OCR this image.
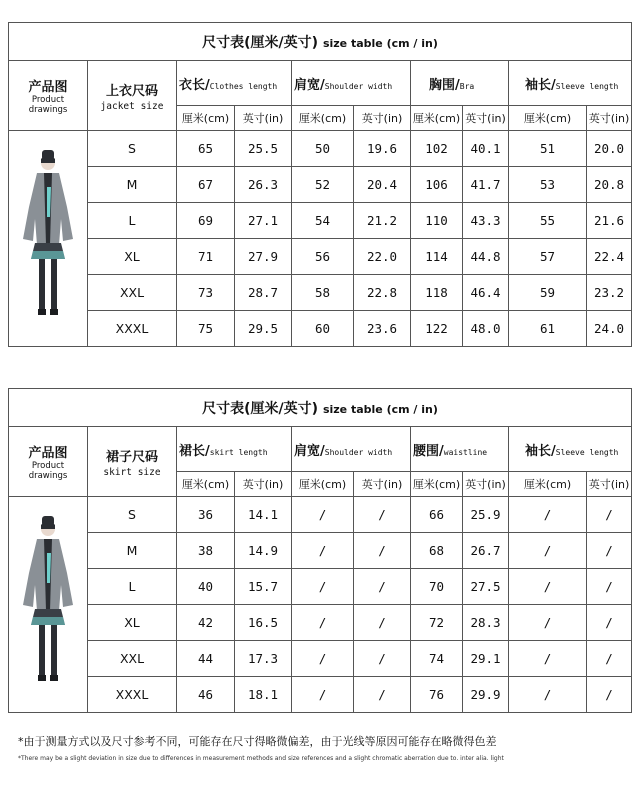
尺寸表(厘米/英寸) size table (cm / in)									

产品图
Product
drawings	上衣尺码
jacket size	衣长/Clothes length		肩宽/Shoulder width		胸围/Bra		袖长/Sleeve length	
		厘米(cm)	英寸(in)	厘米(cm)	英寸(in)	厘米(cm)	英寸(in)	厘米(cm)	英寸(in)
	S	65	25.5	50	19.6	102	40.1	51	20.0
	M	67	26.3	52	20.4	106	41.7	53	20.8
	L	69	27.1	54	21.2	110	43.3	55	21.6
	XL	71	27.9	56	22.0	114	44.8	57	22.4
	XXL	73	28.7	58	22.8	118	46.4	59	23.2
	XXXL	75	29.5	60	23.6	122	48.0	61	24.0
尺寸表(厘米/英寸) size table (cm / in)									

产品图
Product
drawings	裙子尺码
skirt size	裙长/skirt length		肩宽/Shoulder width		腰围/waistline		袖长/Sleeve length	
		厘米(cm)	英寸(in)	厘米(cm)	英寸(in)	厘米(cm)	英寸(in)	厘米(cm)	英寸(in)
	S	36	14.1	/	/	66	25.9	/	/
	M	38	14.9	/	/	68	26.7	/	/
	L	40	15.7	/	/	70	27.5	/	/
	XL	42	16.5	/	/	72	28.3	/	/
	XXL	44	17.3	/	/	74	29.1	/	/
	XXXL	46	18.1	/	/	76	29.9	/	/
*由于测量方式以及尺寸参考不同，可能存在尺寸得略微偏差，由于光线等原因可能存在略微得色差
*There may be a slight deviation in size due to differences in measurement methods and size references and a slight chromatic aberration due to. inter alia. light
